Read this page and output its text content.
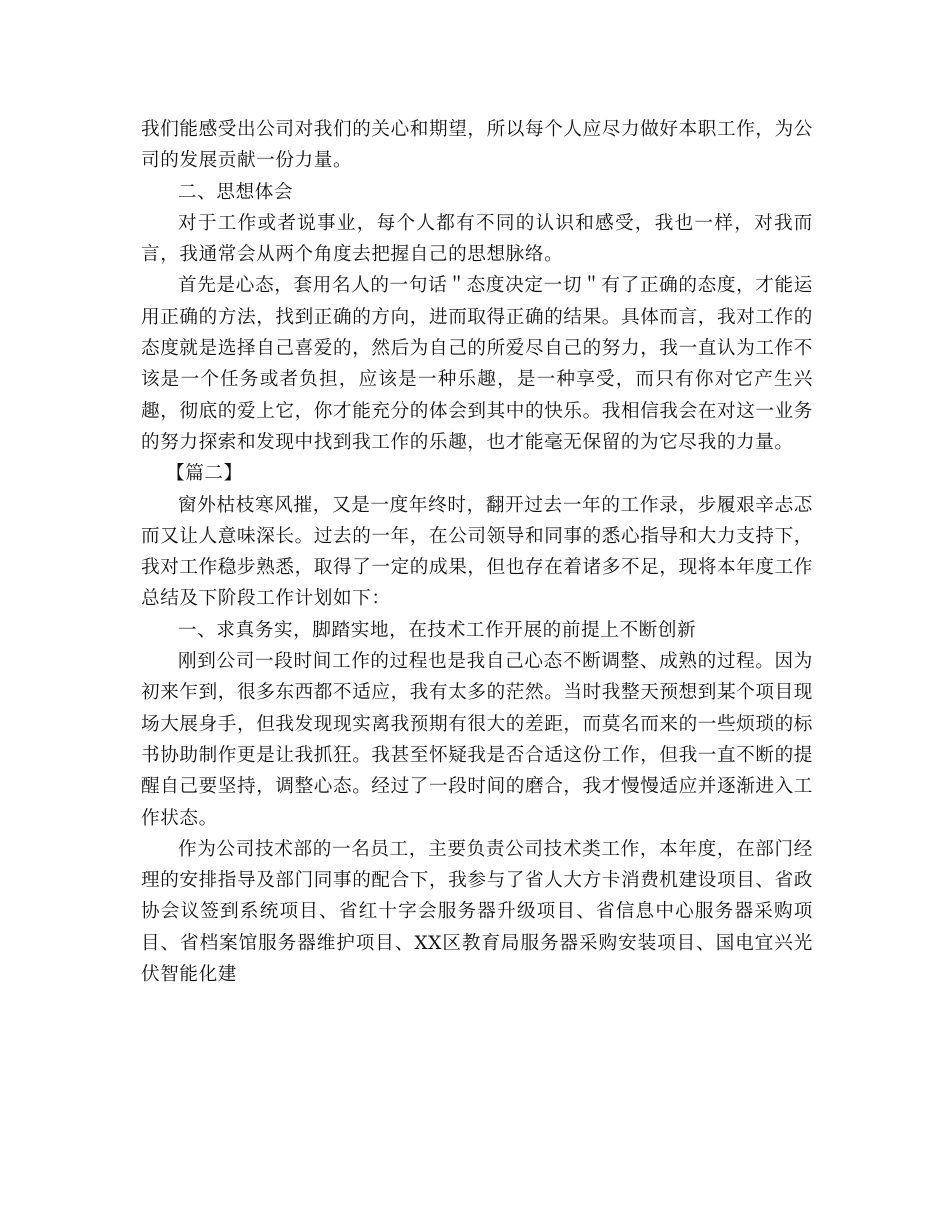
我们能感受出公司对我们的关心和期望，所以每个人应尽力做好本职工作，为公司的发展贡献一份力量。

二、思想体会

对于工作或者说事业，每个人都有不同的认识和感受，我也一样，对我而言，我通常会从两个角度去把握自己的思想脉络。

首先是心态，套用名人的一句话＂态度决定一切＂有了正确的态度，才能运用正确的方法，找到正确的方向，进而取得正确的结果。具体而言，我对工作的态度就是选择自己喜爱的，然后为自己的所爱尽自己的努力，我一直认为工作不该是一个任务或者负担，应该是一种乐趣，是一种享受，而只有你对它产生兴趣，彻底的爱上它，你才能充分的体会到其中的快乐。我相信我会在对这一业务的努力探索和发现中找到我工作的乐趣，也才能毫无保留的为它尽我的力量。

【篇二】

窗外枯枝寒风摧，又是一度年终时，翻开过去一年的工作录，步履艰辛忐忑而又让人意味深长。过去的一年，在公司领导和同事的悉心指导和大力支持下，我对工作稳步熟悉，取得了一定的成果，但也存在着诸多不足，现将本年度工作总结及下阶段工作计划如下：

一、求真务实，脚踏实地，在技术工作开展的前提上不断创新

刚到公司一段时间工作的过程也是我自己心态不断调整、成熟的过程。因为初来乍到，很多东西都不适应，我有太多的茫然。当时我整天预想到某个项目现场大展身手，但我发现现实离我预期有很大的差距，而莫名而来的一些烦琐的标书协助制作更是让我抓狂。我甚至怀疑我是否合适这份工作，但我一直不断的提醒自己要坚持，调整心态。经过了一段时间的磨合，我才慢慢适应并逐渐进入工作状态。

作为公司技术部的一名员工，主要负责公司技术类工作，本年度，在部门经理的安排指导及部门同事的配合下，我参与了省人大方卡消费机建设项目、省政协会议签到系统项目、省红十字会服务器升级项目、省信息中心服务器采购项目、省档案馆服务器维护项目、XX区教育局服务器采购安装项目、国电宜兴光伏智能化建
